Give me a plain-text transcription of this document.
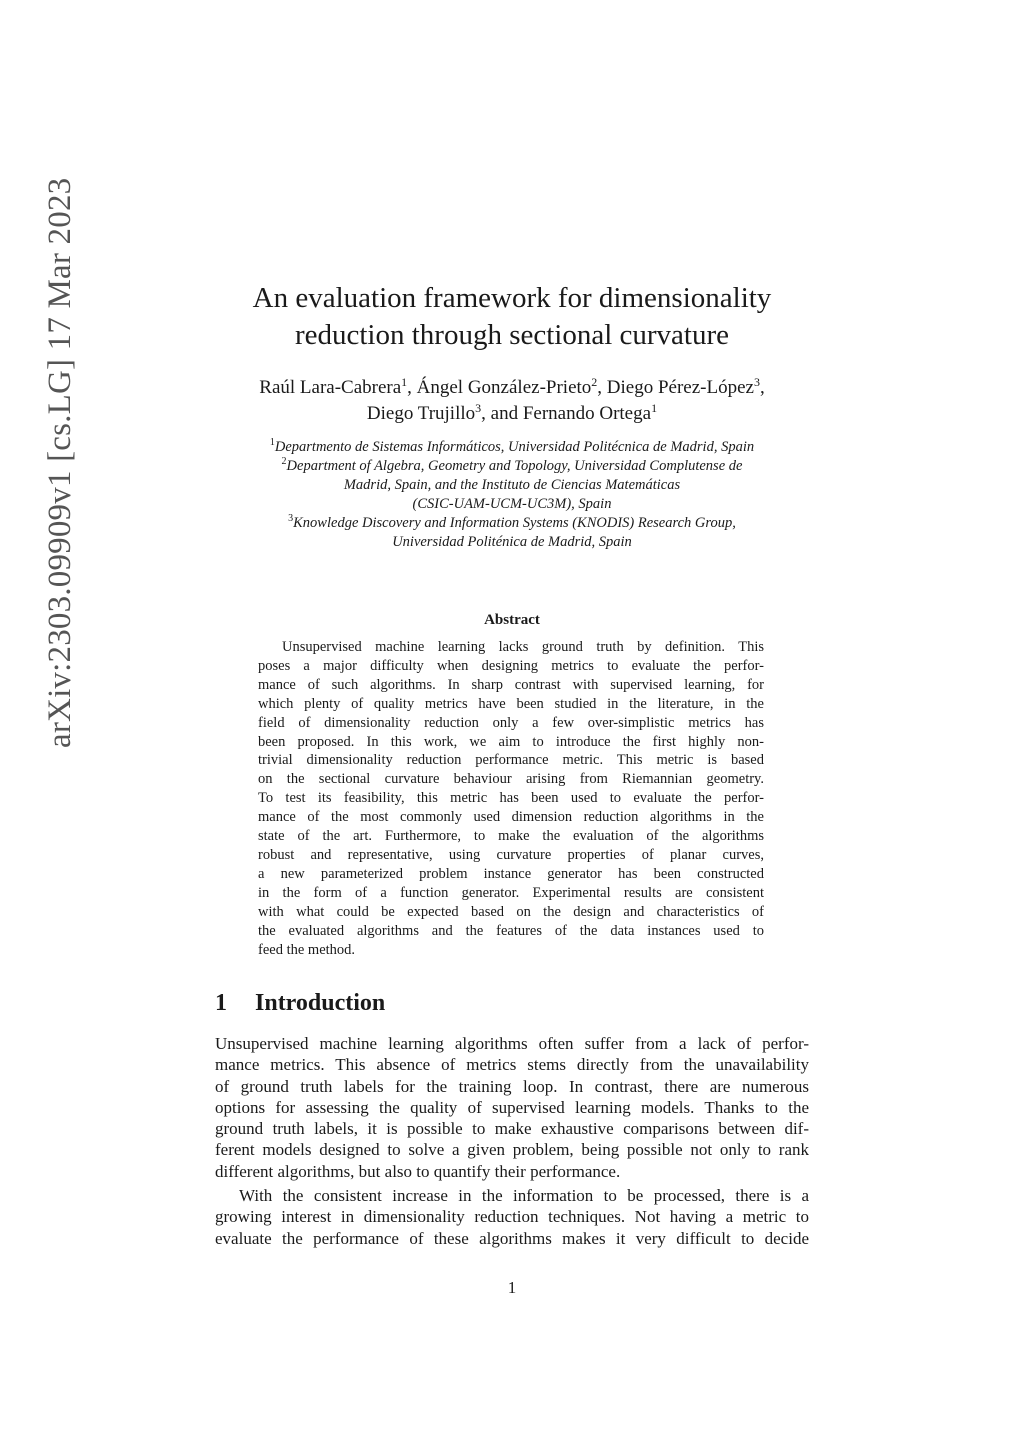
arXiv:2303.09909v1 [cs.LG] 17 Mar 2023	An evaluation framework for dimensionality
reduction through sectional curvature
Raúl Lara-Cabrera$^1$, Ángel González-Prieto$^2$, Diego Pérez-López$^3$,
Diego Trujillo$^3$, and Fernando Ortega$^1$
$^1$Departmento de Sistemas Informáticos, Universidad Politécnica de Madrid, Spain
$^2$Department of Algebra, Geometry and Topology, Universidad Complutense de
Madrid, Spain, and the Instituto de Ciencias Matemáticas
(CSIC-UAM-UCM-UC3M), Spain
$^3$Knowledge Discovery and Information Systems (KNODIS) Research Group,
Universidad Politénica de Madrid, Spain
Abstract
Unsupervised machine learning lacks ground truth by definition. This
poses a major difficulty when designing metrics to evaluate the perfor-
mance of such algorithms. In sharp contrast with supervised learning, for
which plenty of quality metrics have been studied in the literature, in the
field of dimensionality reduction only a few over-simplistic metrics has
been proposed. In this work, we aim to introduce the first highly non-
trivial dimensionality reduction performance metric. This metric is based
on the sectional curvature behaviour arising from Riemannian geometry.
To test its feasibility, this metric has been used to evaluate the perfor-
mance of the most commonly used dimension reduction algorithms in the
state of the art. Furthermore, to make the evaluation of the algorithms
robust and representative, using curvature properties of planar curves,
a new parameterized problem instance generator has been constructed
in the form of a function generator. Experimental results are consistent
with what could be expected based on the design and characteristics of
the evaluated algorithms and the features of the data instances used to
feed the method.
1 Introduction
Unsupervised machine learning algorithms often suffer from a lack of perfor-
mance metrics. This absence of metrics stems directly from the unavailability
of ground truth labels for the training loop. In contrast, there are numerous
options for assessing the quality of supervised learning models. Thanks to the
ground truth labels, it is possible to make exhaustive comparisons between dif-
ferent models designed to solve a given problem, being possible not only to rank
different algorithms, but also to quantify their performance.
With the consistent increase in the information to be processed, there is a
growing interest in dimensionality reduction techniques. Not having a metric to
evaluate the performance of these algorithms makes it very difficult to decide
1
